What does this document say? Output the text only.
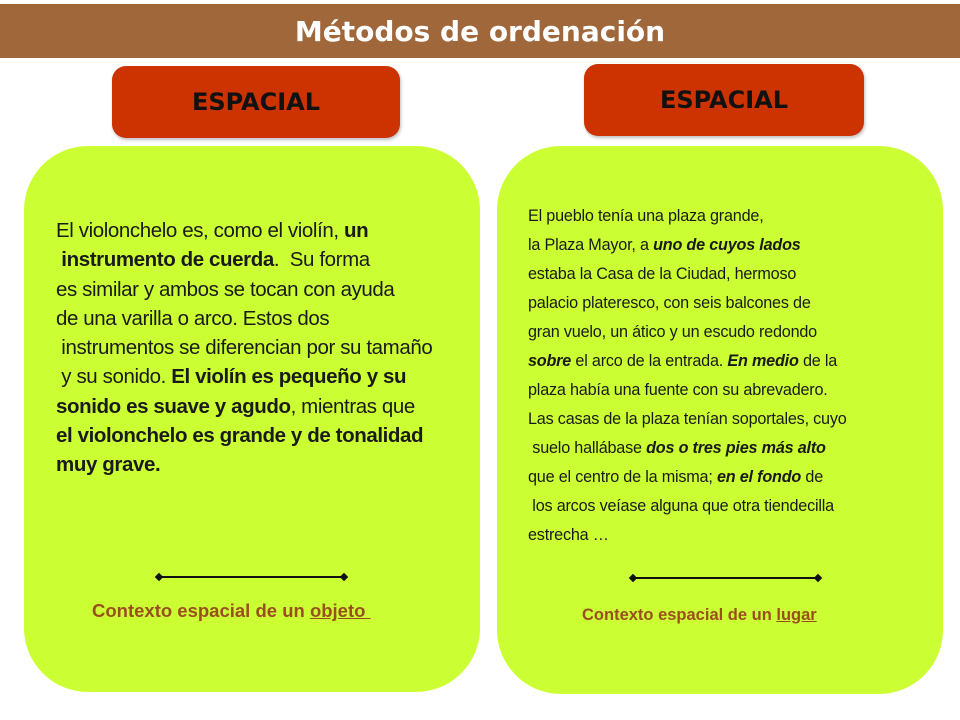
Métodos de ordenación
ESPACIAL	ESPACIAL
El violonchelo es, como el violín, un
instrumento de cuerda.  Su forma
es similar y ambos se tocan con ayuda
de una varilla o arco. Estos dos
instrumentos se diferencian por su tamaño
y su sonido. El violín es pequeño y su
sonido es suave y agudo, mientras que
el violonchelo es grande y de tonalidad
muy grave.
Contexto espacial de un objeto
El pueblo tenía una plaza grande,
la Plaza Mayor, a uno de cuyos lados
estaba la Casa de la Ciudad, hermoso
palacio plateresco, con seis balcones de
gran vuelo, un ático y un escudo redondo
sobre el arco de la entrada. En medio de la
plaza había una fuente con su abrevadero.
Las casas de la plaza tenían soportales, cuyo
suelo hallábase dos o tres pies más alto
que el centro de la misma; en el fondo de
los arcos veíase alguna que otra tiendecilla
estrecha …
Contexto espacial de un lugar
